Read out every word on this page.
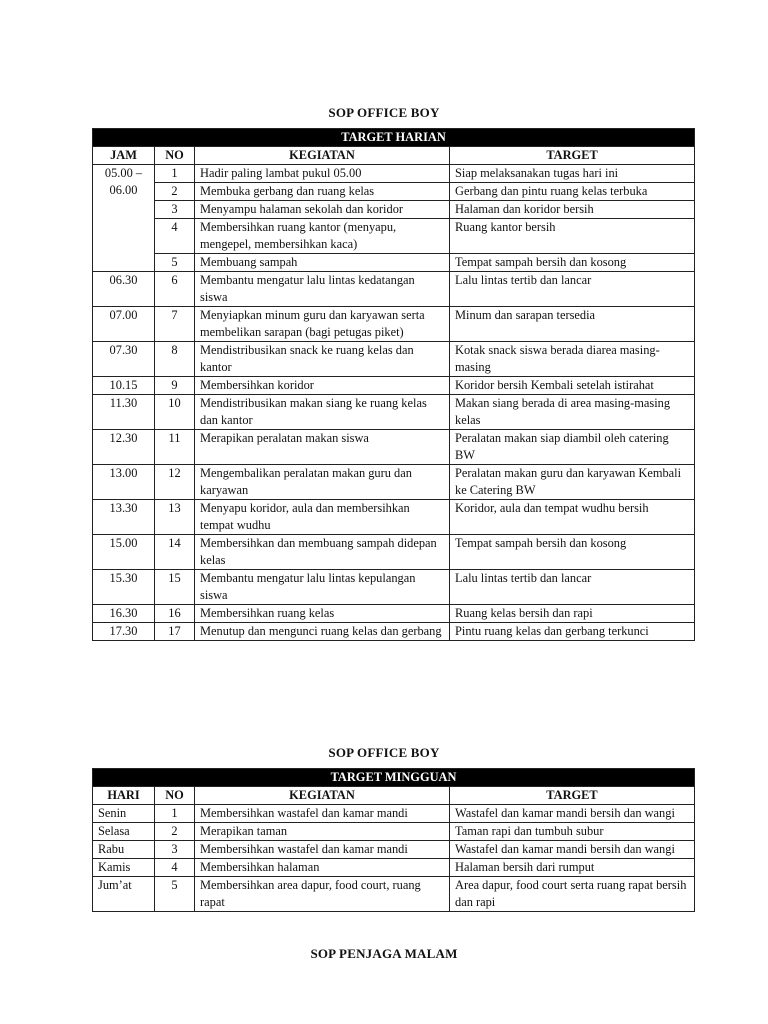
SOP OFFICE BOY
TARGET HARIAN			
JAM	NO	KEGIATAN	TARGET
05.00 –
06.00	1	Hadir paling lambat pukul 05.00	Siap melaksanakan tugas hari ini
	2	Membuka gerbang dan ruang kelas	Gerbang dan pintu ruang kelas terbuka
	3	Menyampu halaman sekolah dan koridor	Halaman dan koridor bersih
	4	Membersihkan ruang kantor (menyapu, mengepel, membersihkan kaca)	Ruang kantor bersih
	5	Membuang sampah	Tempat sampah bersih dan kosong
06.30	6	Membantu mengatur lalu lintas kedatangan siswa	Lalu lintas tertib dan lancar
07.00	7	Menyiapkan minum guru dan karyawan serta membelikan sarapan (bagi petugas piket)	Minum dan sarapan tersedia
07.30	8	Mendistribusikan snack ke ruang kelas dan kantor	Kotak snack siswa berada diarea masing-masing
10.15	9	Membersihkan koridor	Koridor bersih Kembali setelah istirahat
11.30	10	Mendistribusikan makan siang ke ruang kelas dan kantor	Makan siang berada di area masing-masing kelas
12.30	11	Merapikan peralatan makan siswa	Peralatan makan siap diambil oleh catering BW
13.00	12	Mengembalikan peralatan makan guru dan karyawan	Peralatan makan guru dan karyawan Kembali ke Catering BW
13.30	13	Menyapu koridor, aula dan membersihkan tempat wudhu	Koridor, aula dan tempat wudhu bersih
15.00	14	Membersihkan dan membuang sampah didepan kelas	Tempat sampah bersih dan kosong
15.30	15	Membantu mengatur lalu lintas kepulangan siswa	Lalu lintas tertib dan lancar
16.30	16	Membersihkan ruang kelas	Ruang kelas bersih dan rapi
17.30	17	Menutup dan mengunci ruang kelas dan gerbang	Pintu ruang kelas dan gerbang terkunci
SOP OFFICE BOY
TARGET MINGGUAN			
HARI	NO	KEGIATAN	TARGET
Senin	1	Membersihkan wastafel dan kamar mandi	Wastafel dan kamar mandi bersih dan wangi
Selasa	2	Merapikan taman	Taman rapi dan tumbuh subur
Rabu	3	Membersihkan wastafel dan kamar mandi	Wastafel dan kamar mandi bersih dan wangi
Kamis	4	Membersihkan halaman	Halaman bersih dari rumput
Jum’at	5	Membersihkan area dapur, food court, ruang rapat	Area dapur, food court serta ruang rapat bersih dan rapi
SOP PENJAGA MALAM
